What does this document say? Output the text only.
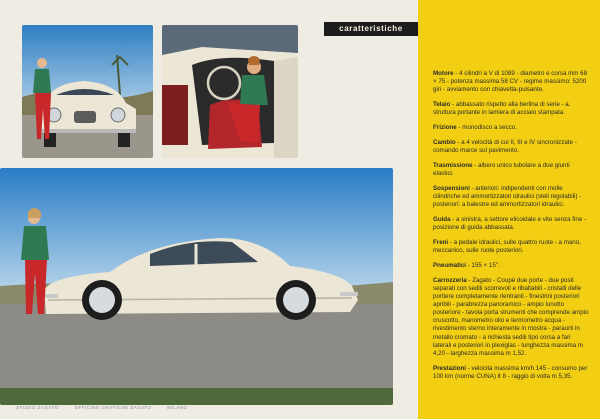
caratteristiche

Motore - 4 cilindri a V di 1089 - diametro e corsa mm 68 × 75 - potenza massima 58 CV - regime massimo: 5200 giri - avviamento con chiavetta-pulsante.

Telaio - abbassato rispetto alla berlina di serie - a. struttura portante in lamiera di acciaio stampata.

Frizione - monodisco a secco.

Cambio - a 4 velocità di cui II, III e IV sincronizzate - comando marce sul pavimento.

Trasmissione - albero unico tubolare a due giunti elastici.

Sospensioni - anteriori: indipendenti con molle cilindriche ed ammortizzatori idraulici (steli regolabili) - posteriori: a balestre ed ammortizzatori idraulici.

Guida - a sinistra, a settore elicoidale e vite senza fine - posizione di guida abbassata.

Freni - a pedale idraulici, sulle quattro ruote - a mano, meccanico, sulle ruote posteriori.

Pneumatici - 155 × 15".

Carrozzeria - Zagato - Coupé due porte - due posti separati con sedili scorrevoli e ribaltabili - cristalli delle portiere completamente rientranti - finestrini posteriori apribili - parabrezza panoramico - ampio lunotto posteriore - tavola porta strumenti che comprende ampio cruscotto, manometro olio e termometro acqua - rivestimento sterno interamente in mostra - paraurti in metallo cromato - a richiesta sedili tipo corsa a fari laterali e posteriori in plexiglas - lunghezza massima m 4,20 - larghezza massima m 1,52.

Prestazioni - velocità massima km/h 145 - consumo per 100 km (norme CUNA) lt 8 - raggio di volta m 5,35.

STUDIO ZAGATO	OFFICINE GRAFICHE ZAGATO	MILANO
